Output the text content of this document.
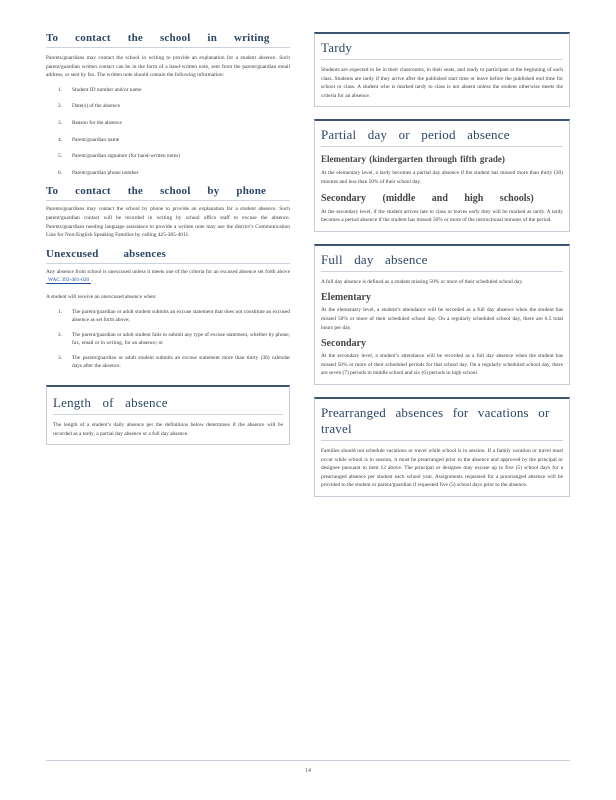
To contact the school in writing

Parents/guardians may contact the school in writing to provide an explanation for a student absence. Such parent/guardian written contact can be in the form of a hand-written note, sent from the parent/guardian email address, or sent by fax. The written note should contain the following information:

1. Student ID number and/or name
2. Date(s) of the absence
3. Reason for the absence
4. Parent/guardian name
5. Parent/guardian signature (for hand-written notes)
6. Parent/guardian phone number
To contact the school by phone

Parents/guardians may contact the school by phone to provide an explanation for a student absence. Such parent/guardian contact will be recorded in writing by school office staff to excuse the absence. Parents/guardians needing language assistance to provide a written note may use the district’s Communication Line for Non-English Speaking Families by calling 425-385-4011.

Unexcused absences

Any absence from school is unexcused unless it meets one of the criteria for an excused absence set forth above WAC 392-401-020 .

A student will receive an unexcused absence when:

1. The parent/guardian or adult student submits an excuse statement that does not constitute an excused absence as set forth above;
2. The parent/guardian or adult student fails to submit any type of excuse statement, whether by phone, fax, email or in writing, for an absence; or
3. The parent/guardian or adult student submits an excuse statement more than thirty (30) calendar days after the absence.
Length of absence

The length of a student’s daily absence per the definitions below determines if the absence will be recorded as a tardy, a partial day absence or a full day absence.

Tardy

Students are expected to be in their classrooms, in their seats, and ready to participate at the beginning of each class. Students are tardy if they arrive after the published start time or leave before the published end time for school or class. A student who is marked tardy to class is not absent unless the student otherwise meets the criteria for an absence.

Partial day or period absence
Elementary (kindergarten through fifth grade)

At the elementary level, a tardy becomes a partial day absence if the student has missed more than thirty (30) minutes and less than 50% of their school day.

Secondary (middle and high schools)

At the secondary level, if the student arrives late to class or leaves early they will be marked as tardy. A tardy becomes a period absence if the student has missed 50% or more of the instructional minutes of the period.

Full day absence

A full day absence is defined as a student missing 50% or more of their scheduled school day.

Elementary

At the elementary level, a student’s attendance will be recorded as a full day absence when the student has missed 50% or more of their scheduled school day. On a regularly scheduled school day, there are 6.5 total hours per day.

Secondary

At the secondary level, a student’s attendance will be recorded as a full day absence when the student has missed 50% or more of their scheduled periods for that school day. On a regularly scheduled school day, there are seven (7) periods in middle school and six (6) periods in high school.

Prearranged absences for vacations or travel

Families should not schedule vacations or travel while school is in session. If a family vacation or travel must occur while school is in session, it must be prearranged prior to the absence and approved by the principal or designee pursuant to item 12 above. The principal or designee may excuse up to five (5) school days for a prearranged absence per student each school year. Assignments requested for a prearranged absence will be provided to the student or parent/guardian if requested five (5) school days prior to the absence.

14
